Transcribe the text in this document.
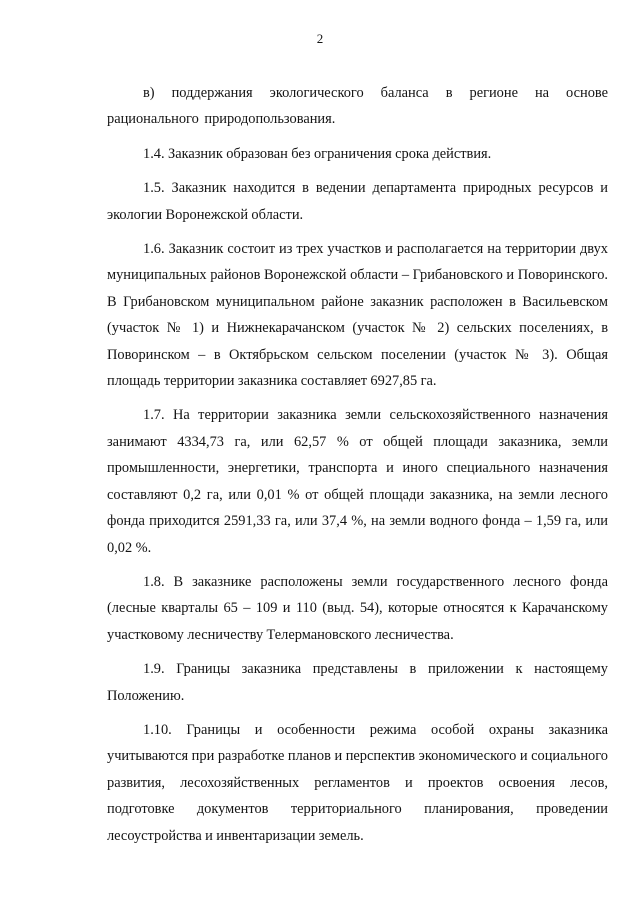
2

в) поддержания экологического баланса в регионе на основе рационального природопользования.

1.4. Заказник образован без ограничения срока действия.

1.5. Заказник находится в ведении департамента природных ресурсов и экологии Воронежской области.

1.6. Заказник состоит из трех участков и располагается на территории двух муниципальных районов Воронежской области – Грибановского и Поворинского. В Грибановском муниципальном районе заказник расположен в Васильевском (участок № 1) и Нижнекарачанском (участок № 2) сельских поселениях, в Поворинском – в Октябрьском сельском поселении (участок № 3). Общая площадь территории заказника составляет 6927,85 га.

1.7. На территории заказника земли сельскохозяйственного назначения занимают 4334,73 га, или 62,57 % от общей площади заказника, земли промышленности, энергетики, транспорта и иного специального назначения составляют 0,2 га, или 0,01 % от общей площади заказника, на земли лесного фонда приходится 2591,33 га, или 37,4 %, на земли водного фонда – 1,59 га, или 0,02 %.

1.8. В заказнике расположены земли государственного лесного фонда (лесные кварталы 65 – 109 и 110 (выд. 54), которые относятся к Карачанскому участковому лесничеству Телермановского лесничества.

1.9. Границы заказника представлены в приложении к настоящему Положению.

1.10. Границы и особенности режима особой охраны заказника учитываются при разработке планов и перспектив экономического и социального развития, лесохозяйственных регламентов и проектов освоения лесов, подготовке документов территориального планирования, проведении лесоустройства и инвентаризации земель.
